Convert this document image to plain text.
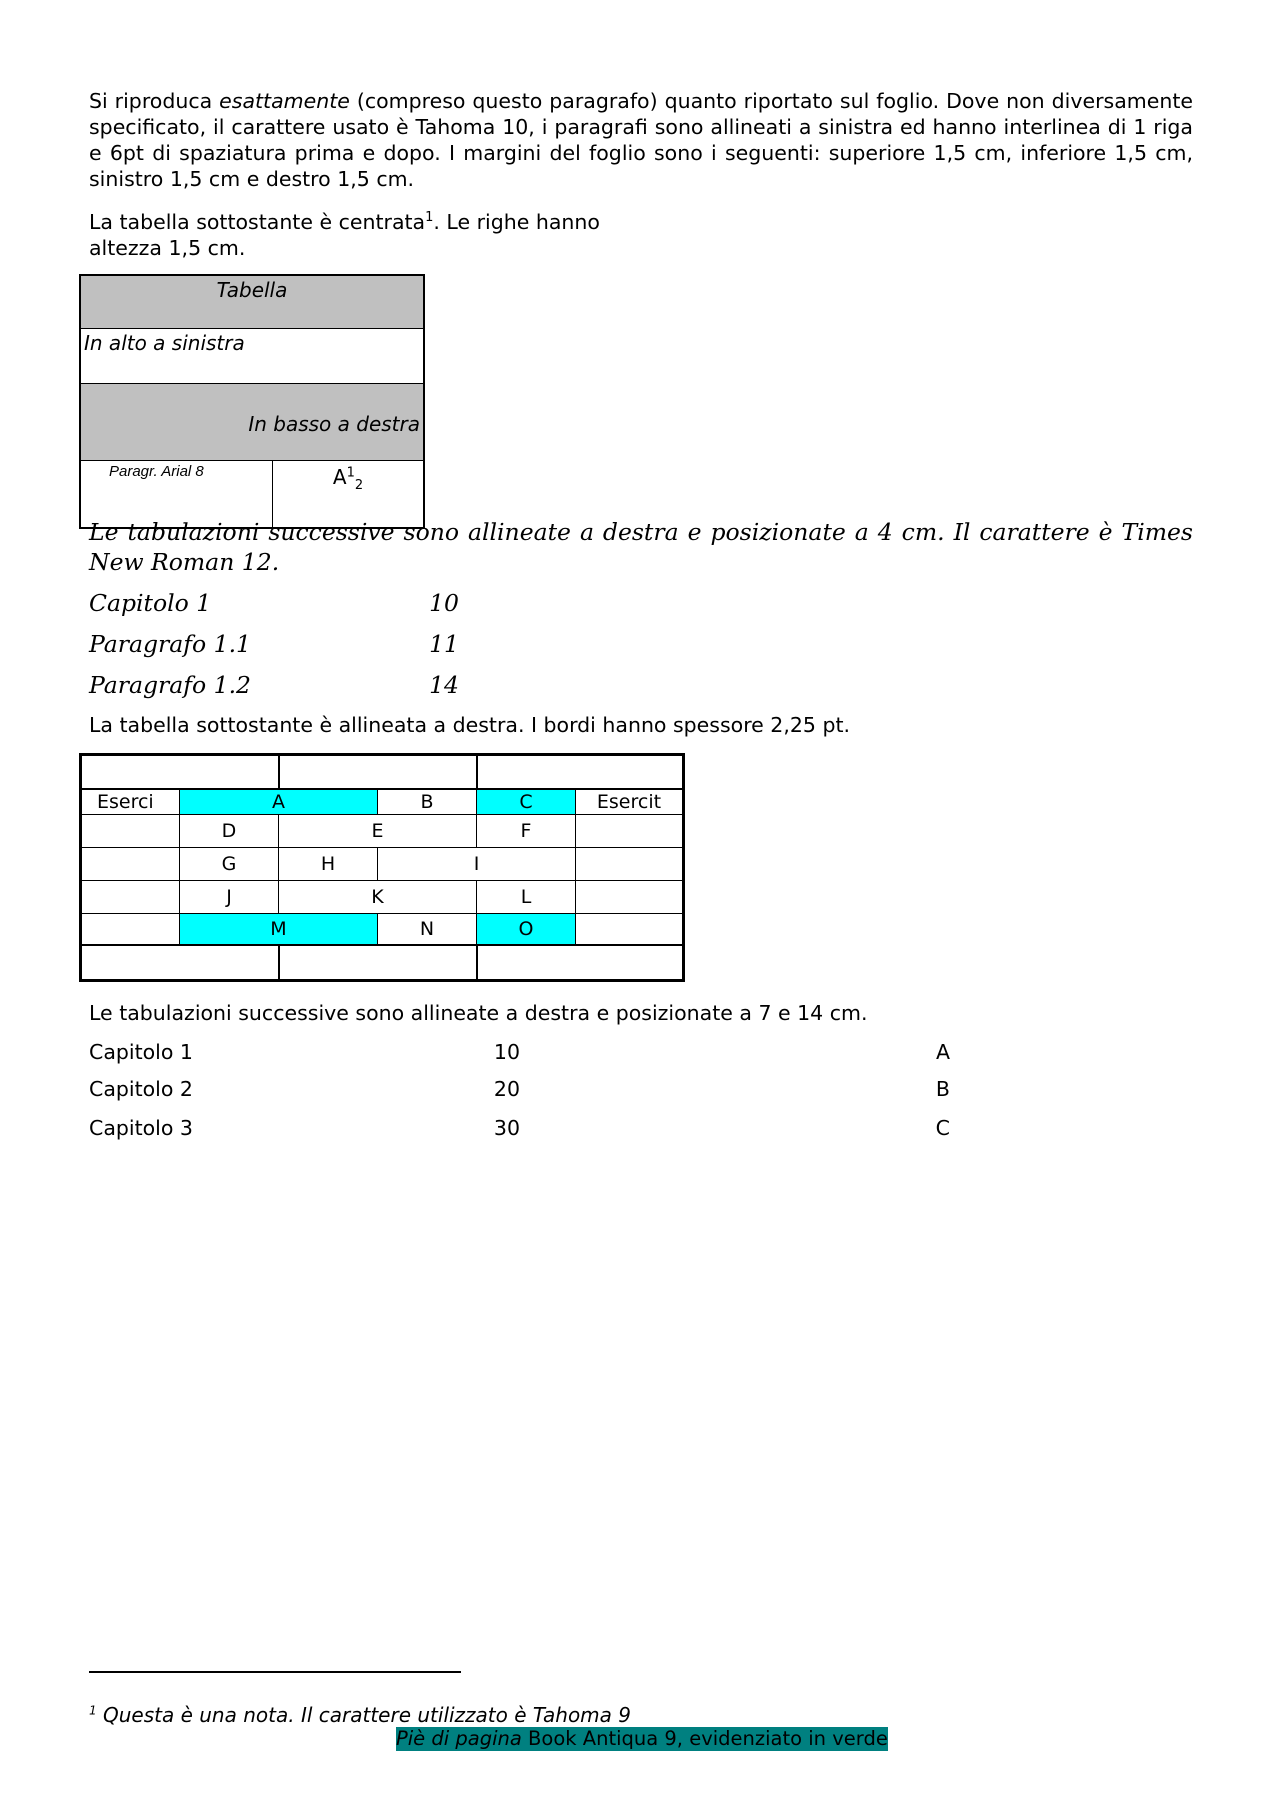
Si riproduca esattamente (compreso questo paragrafo) quanto riportato sul foglio. Dove non diversamente specificato, il carattere usato è Tahoma 10, i paragrafi sono allineati a sinistra ed hanno interlinea di 1 riga e 6pt di spaziatura prima e dopo. I margini del foglio sono i seguenti: superiore 1,5 cm, inferiore 1,5 cm, sinistro 1,5 cm e destro 1,5 cm.
La tabella sottostante è centrata$^1$. Le righe hanno
altezza 1,5 cm.
Tabella
In alto a sinistra
In basso a destra
Paragr. Arial 8	$A^1_2$
Le tabulazioni successive sono allineate a destra e posizionate a 4 cm. Il carattere è Times New Roman 12.
Capitolo 1	10
Paragrafo 1.1	11
Paragrafo 1.2	14
La tabella sottostante è allineata a destra. I bordi hanno spessore 2,25 pt.

Eserci	A		B	C	Esercit
	D	E		F	
	G	H	I		
	J	K		L	
	M		N	O	

Le tabulazioni successive sono allineate a destra e posizionate a 7 e 14 cm.
Capitolo 1	10	A
Capitolo 2	20	B
Capitolo 3	30	C
$^1$ Questa è una nota. Il carattere utilizzato è Tahoma 9
Piè di pagina Book Antiqua 9, evidenziato in verde
